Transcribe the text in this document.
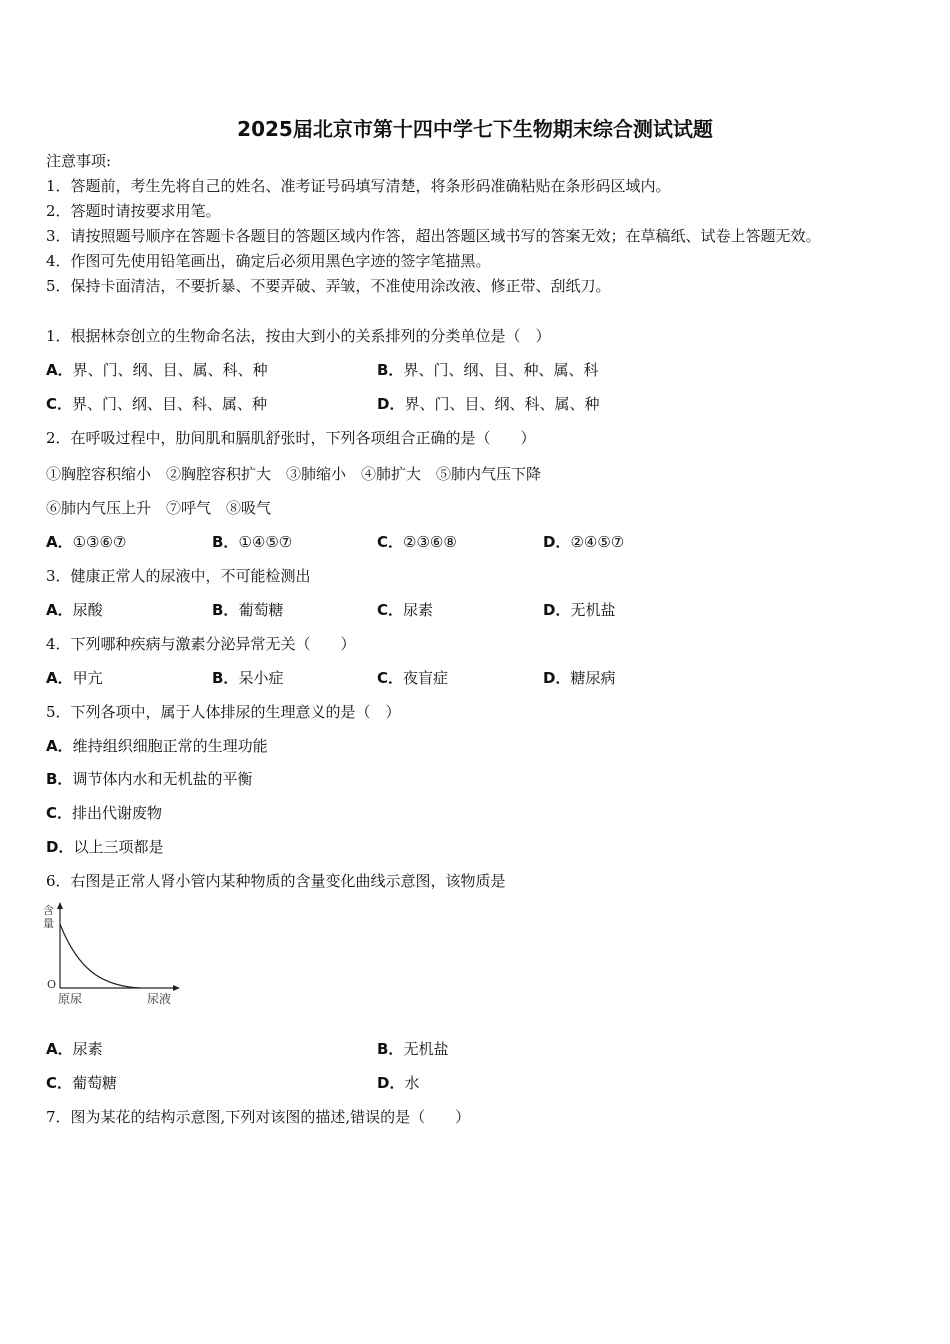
2025届北京市第十四中学七下生物期末综合测试试题
注意事项:
1．答题前，考生先将自己的姓名、准考证号码填写清楚，将条形码准确粘贴在条形码区域内。
2．答题时请按要求用笔。
3．请按照题号顺序在答题卡各题目的答题区域内作答，超出答题区域书写的答案无效；在草稿纸、试卷上答题无效。
4．作图可先使用铅笔画出，确定后必须用黑色字迹的签字笔描黑。
5．保持卡面清洁，不要折暴、不要弄破、弄皱，不准使用涂改液、修正带、刮纸刀。
1．根据林奈创立的生物命名法，按由大到小的关系排列的分类单位是（　）
A．界、门、纲、目、属、科、种	B．界、门、纲、目、种、属、科
C．界、门、纲、目、科、属、种	D．界、门、目、纲、科、属、种
2．在呼吸过程中，肋间肌和膈肌舒张时，下列各项组合正确的是（　　）
①胸腔容积缩小　②胸腔容积扩大　③肺缩小　④肺扩大　⑤肺内气压下降
⑥肺内气压上升　⑦呼气　⑧吸气
A．①③⑥⑦	B．①④⑤⑦	C．②③⑥⑧	D．②④⑤⑦
3．健康正常人的尿液中，不可能检测出
A．尿酸	B．葡萄糖	C．尿素	D．无机盐
4．下列哪种疾病与激素分泌异常无关（　　）
A．甲亢	B．呆小症	C．夜盲症	D．糖尿病
5．下列各项中，属于人体排尿的生理意义的是（　）
A．维持组织细胞正常的生理功能
B．调节体内水和无机盐的平衡
C．排出代谢废物
D．以上三项都是
6．右图是正常人肾小管内某种物质的含量变化曲线示意图，该物质是
含
量
O
原尿	尿液
含量
A．尿素	B．无机盐
C．葡萄糖	D．水
7．图为某花的结构示意图,下列对该图的描述,错误的是（　　）
